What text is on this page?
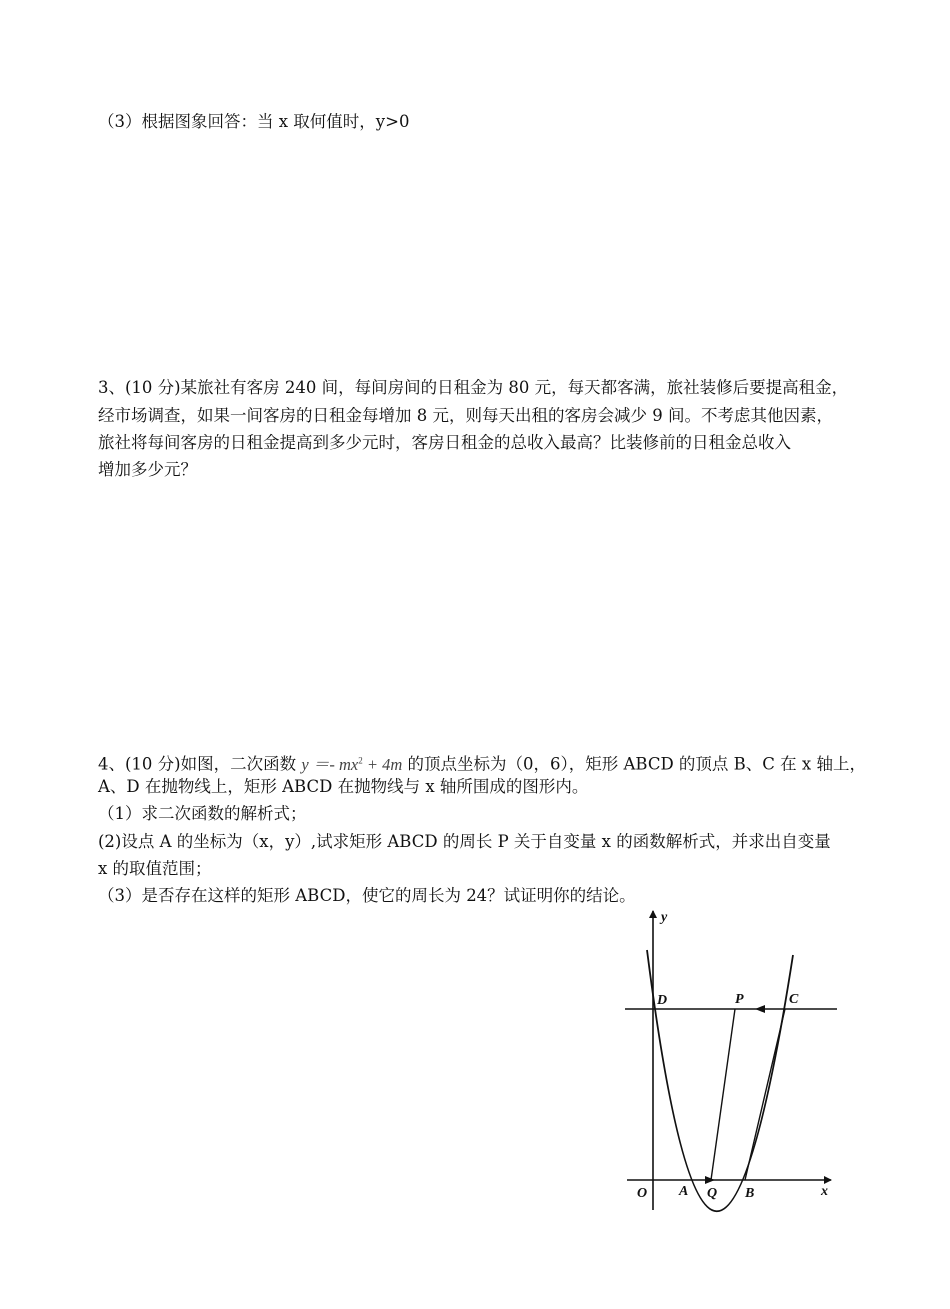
（3）根据图象回答：当 x 取何值时，y>0
3、(10 分)某旅社有客房 240 间，每间房间的日租金为 80 元，每天都客满，旅社装修后要提高租金，
经市场调查，如果一间客房的日租金每增加 8 元，则每天出租的客房会减少 9 间。不考虑其他因素，
旅社将每间客房的日租金提高到多少元时，客房日租金的总收入最高？比装修前的日租金总收入
增加多少元？
4、(10 分)如图，二次函数 $y =- mx^2 + 4m$ 的顶点坐标为（0，6），矩形 ABCD 的顶点 B、C 在 x 轴上，
A、D 在抛物线上，矩形 ABCD 在抛物线与 x 轴所围成的图形内。
（1）求二次函数的解析式；
(2)设点 A 的坐标为（x，y）,试求矩形 ABCD 的周长 P 关于自变量 x 的函数解析式，并求出自变量
x 的取值范围；
（3）是否存在这样的矩形 ABCD，使它的周长为 24？试证明你的结论。
y
x
O A Q B
D	P	C
